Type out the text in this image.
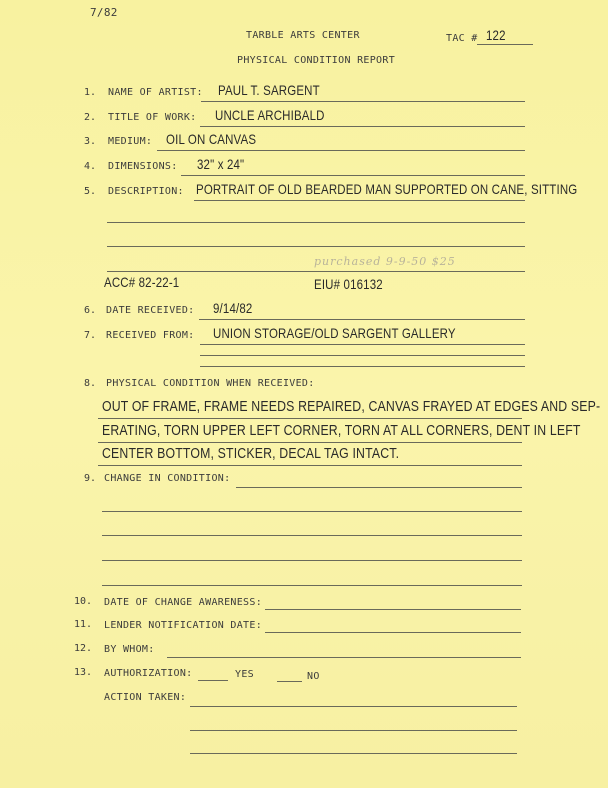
7/82
TARBLE ARTS CENTER	TAC # 122
PHYSICAL CONDITION REPORT
1. NAME OF ARTIST: PAUL T. SARGENT
2. TITLE OF WORK: UNCLE ARCHIBALD
3. MEDIUM: OIL ON CANVAS
4. DIMENSIONS: 32" x 24"
5. DESCRIPTION: PORTRAIT OF OLD BEARDED MAN SUPPORTED ON CANE, SITTING
purchased 9-9-50 $25
ACC# 82-22-1	EIU# 016132
6. DATE RECEIVED: 9/14/82
7. RECEIVED FROM: UNION STORAGE/OLD SARGENT GALLERY
8. PHYSICAL CONDITION WHEN RECEIVED:
OUT OF FRAME, FRAME NEEDS REPAIRED, CANVAS FRAYED AT EDGES AND SEP-
ERATING, TORN UPPER LEFT CORNER, TORN AT ALL CORNERS, DENT IN LEFT
CENTER BOTTOM, STICKER, DECAL TAG INTACT.
9. CHANGE IN CONDITION:
10. DATE OF CHANGE AWARENESS:
11. LENDER NOTIFICATION DATE:
12. BY WHOM:
13. AUTHORIZATION:	YES	NO
ACTION TAKEN:
